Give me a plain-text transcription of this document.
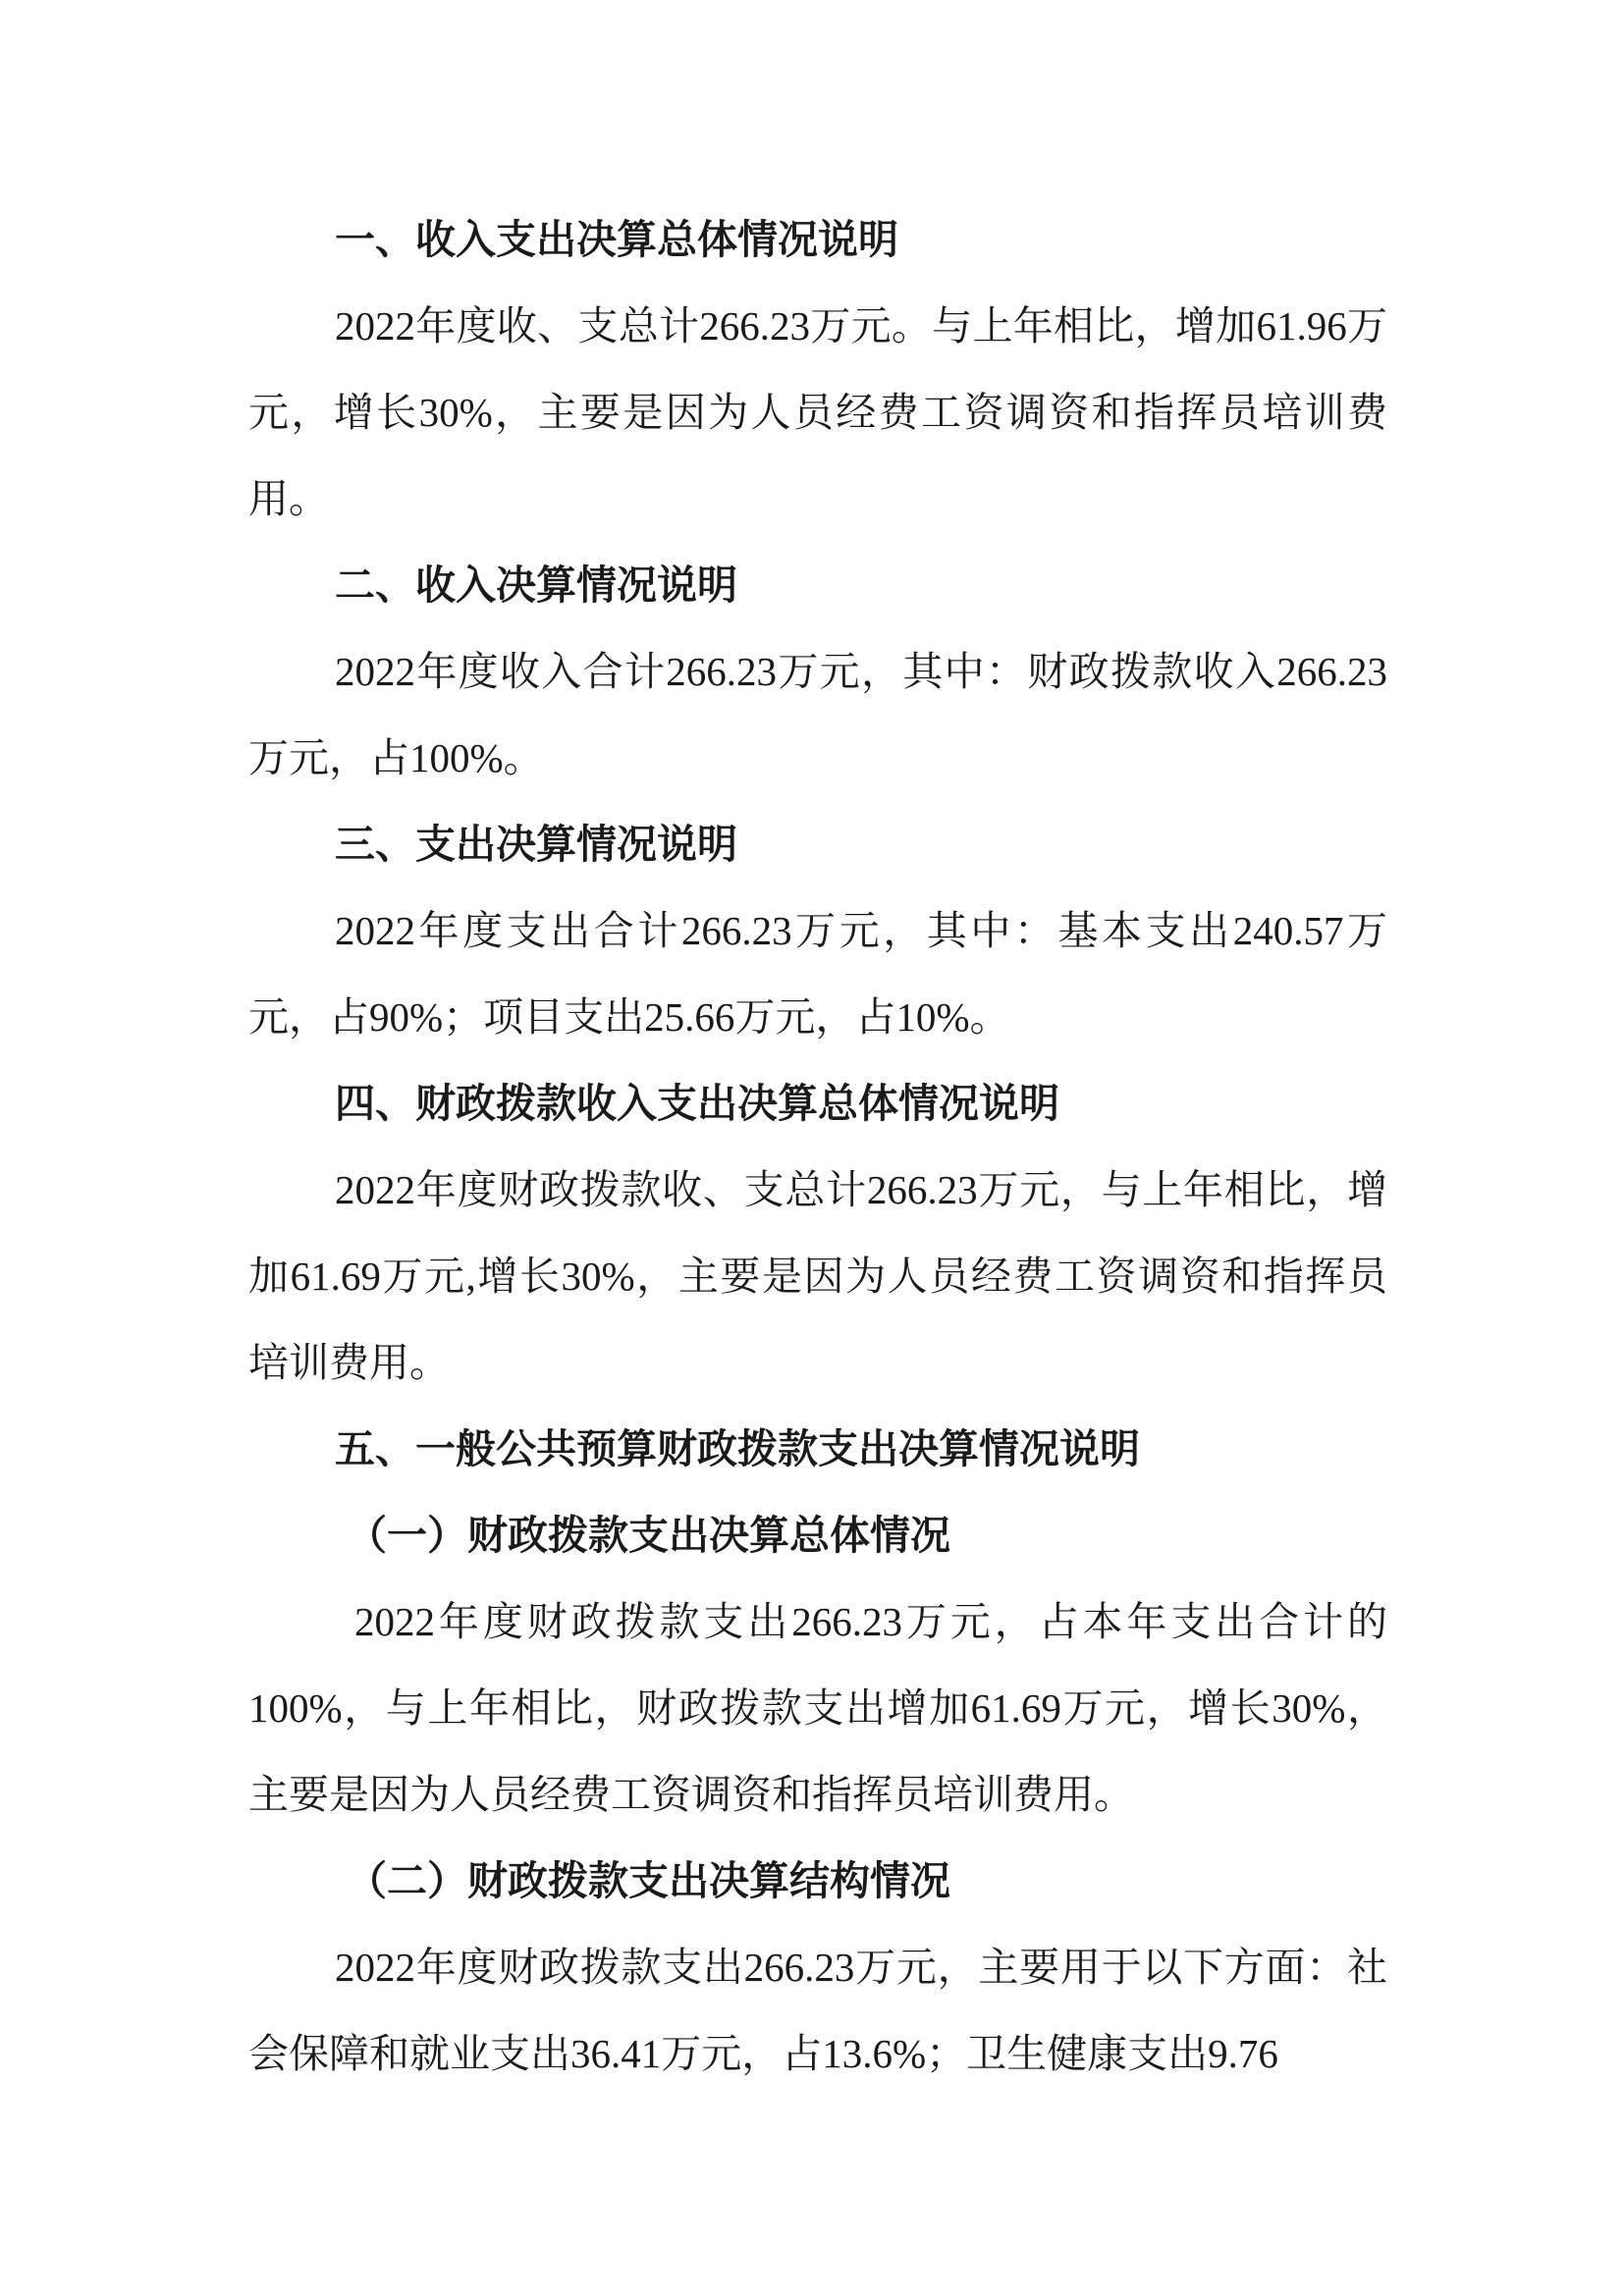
一、收入支出决算总体情况说明

2022年度收、支总计266.23万元。与上年相比，增加61.96万元，增长30%，主要是因为人员经费工资调资和指挥员培训费用。

二、收入决算情况说明

2022年度收入合计266.23万元，其中：财政拨款收入266.23万元，占100%。

三、支出决算情况说明

2022年度支出合计266.23万元，其中：基本支出240.57万元，占90%；项目支出25.66万元，占10%。

四、财政拨款收入支出决算总体情况说明

2022年度财政拨款收、支总计266.23万元，与上年相比，增加61.69万元,增长30%，主要是因为人员经费工资调资和指挥员培训费用。

五、一般公共预算财政拨款支出决算情况说明
（一）财政拨款支出决算总体情况

2022年度财政拨款支出266.23万元，占本年支出合计的100%，与上年相比，财政拨款支出增加61.69万元，增长30%，主要是因为人员经费工资调资和指挥员培训费用。

（二）财政拨款支出决算结构情况

2022年度财政拨款支出266.23万元，主要用于以下方面：社会保障和就业支出36.41万元，占13.6%；卫生健康支出9.76
